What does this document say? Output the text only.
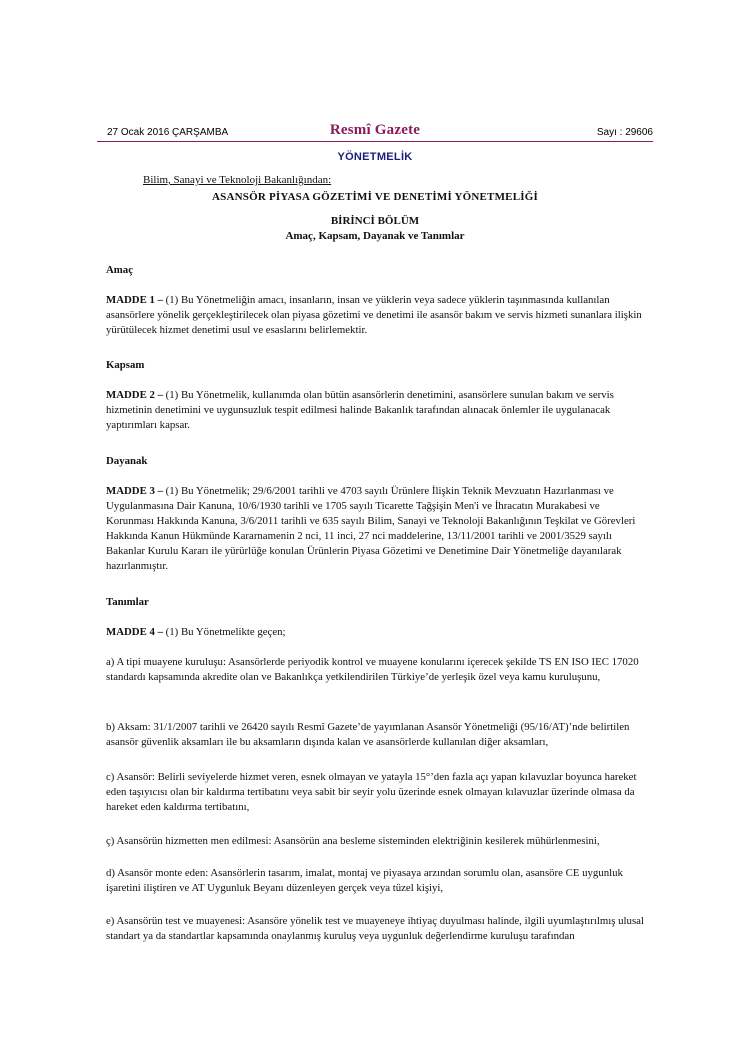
27 Ocak 2016 ÇARŞAMBA	Resmî Gazete	Sayı : 29606
YÖNETMELİK
Bilim, Sanayi ve Teknoloji Bakanlığından:
ASANSÖR PİYASA GÖZETİMİ VE DENETİMİ YÖNETMELİĞİ
BİRİNCİ BÖLÜM
Amaç, Kapsam, Dayanak ve Tanımlar
Amaç
MADDE 1 – (1) Bu Yönetmeliğin amacı, insanların, insan ve yüklerin veya sadece yüklerin taşınmasında kullanılan asansörlere yönelik gerçekleştirilecek olan piyasa gözetimi ve denetimi ile asansör bakım ve servis hizmeti sunanlara ilişkin yürütülecek hizmet denetimi usul ve esaslarını belirlemektir.
Kapsam
MADDE 2 – (1) Bu Yönetmelik, kullanımda olan bütün asansörlerin denetimini, asansörlere sunulan bakım ve servis hizmetinin denetimini ve uygunsuzluk tespit edilmesi halinde Bakanlık tarafından alınacak önlemler ile uygulanacak yaptırımları kapsar.
Dayanak
MADDE 3 – (1) Bu Yönetmelik; 29/6/2001 tarihli ve 4703 sayılı Ürünlere İlişkin Teknik Mevzuatın Hazırlanması ve Uygulanmasına Dair Kanuna, 10/6/1930 tarihli ve 1705 sayılı Ticarette Tağşişin Men'i ve İhracatın Murakabesi ve Korunması Hakkında Kanuna, 3/6/2011 tarihli ve 635 sayılı Bilim, Sanayi ve Teknoloji Bakanlığının Teşkilat ve Görevleri Hakkında Kanun Hükmünde Kararnamenin 2 nci, 11 inci, 27 nci maddelerine, 13/11/2001 tarihli ve 2001/3529 sayılı Bakanlar Kurulu Kararı ile yürürlüğe konulan Ürünlerin Piyasa Gözetimi ve Denetimine Dair Yönetmeliğe dayanılarak hazırlanmıştır.
Tanımlar
MADDE 4 – (1) Bu Yönetmelikte geçen;
a) A tipi muayene kuruluşu: Asansörlerde periyodik kontrol ve muayene konularını içerecek şekilde TS EN ISO IEC 17020 standardı kapsamında akredite olan ve Bakanlıkça yetkilendirilen Türkiye’de yerleşik özel veya kamu kuruluşunu,
b) Aksam: 31/1/2007 tarihli ve 26420 sayılı Resmî Gazete’de yayımlanan Asansör Yönetmeliği (95/16/AT)’nde belirtilen asansör güvenlik aksamları ile bu aksamların dışında kalan ve asansörlerde kullanılan diğer aksamları,
c) Asansör: Belirli seviyelerde hizmet veren, esnek olmayan ve yatayla 15°’den fazla açı yapan kılavuzlar boyunca hareket eden taşıyıcısı olan bir kaldırma tertibatını veya sabit bir seyir yolu üzerinde esnek olmayan kılavuzlar üzerinde olmasa da hareket eden kaldırma tertibatını,
ç) Asansörün hizmetten men edilmesi: Asansörün ana besleme sisteminden elektriğinin kesilerek mühürlenmesini,
d) Asansör monte eden: Asansörlerin tasarım, imalat, montaj ve piyasaya arzından sorumlu olan, asansöre CE uygunluk işaretini iliştiren ve AT Uygunluk Beyanı düzenleyen gerçek veya tüzel kişiyi,
e) Asansörün test ve muayenesi: Asansöre yönelik test ve muayeneye ihtiyaç duyulması halinde, ilgili uyumlaştırılmış ulusal standart ya da standartlar kapsamında onaylanmış kuruluş veya uygunluk değerlendirme kuruluşu tarafından
